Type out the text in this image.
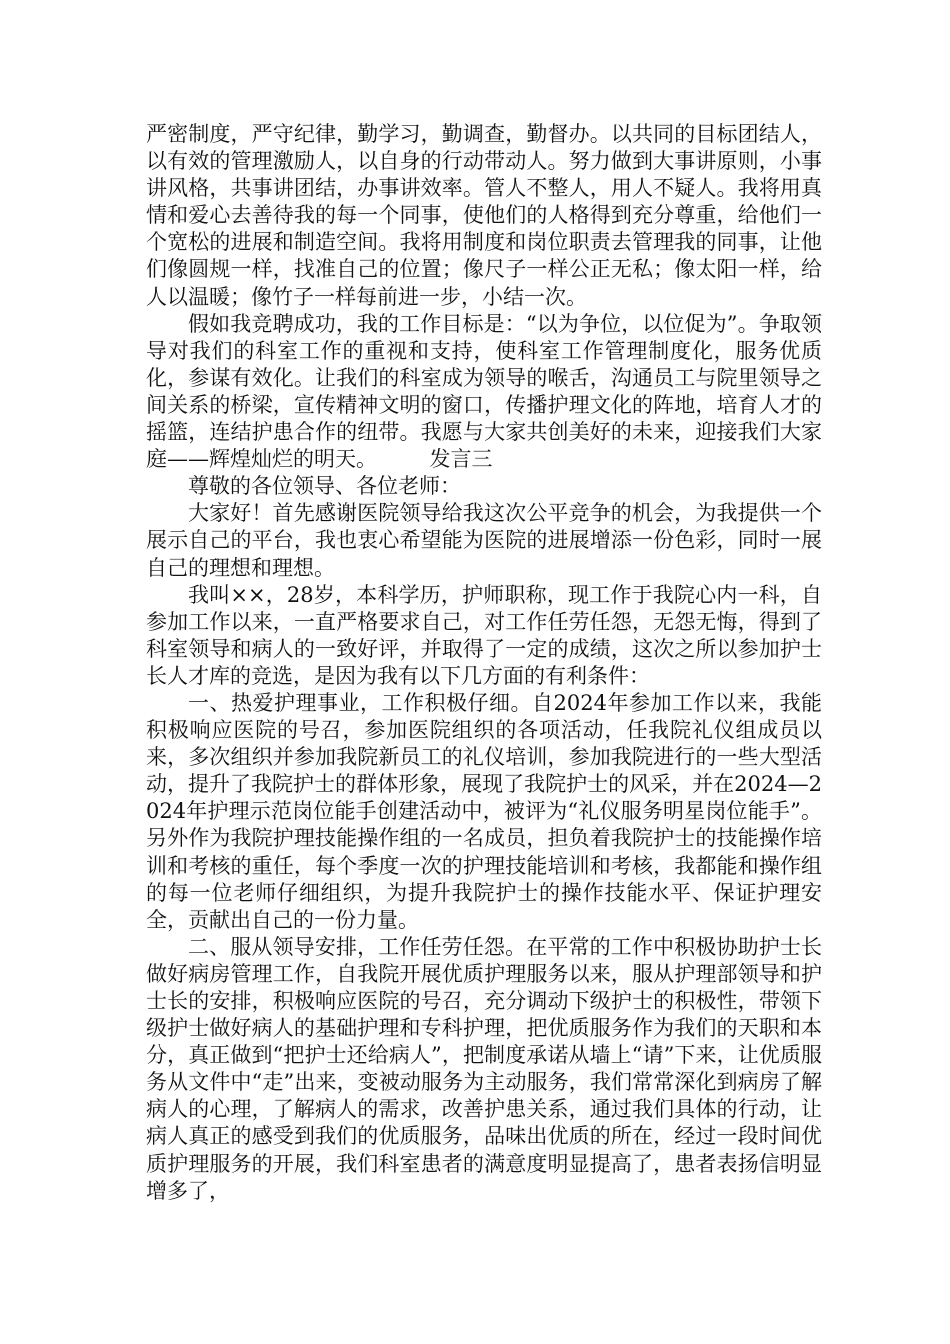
严密制度，严守纪律，勤学习，勤调查，勤督办。以共同的目标团结人，以有效的管理激励人，以自身的行动带动人。努力做到大事讲原则，小事讲风格，共事讲团结，办事讲效率。管人不整人，用人不疑人。我将用真情和爱心去善待我的每一个同事，使他们的人格得到充分尊重，给他们一个宽松的进展和制造空间。我将用制度和岗位职责去管理我的同事，让他们像圆规一样，找准自己的位置；像尺子一样公正无私；像太阳一样，给人以温暖；像竹子一样每前进一步，小结一次。

假如我竞聘成功，我的工作目标是：“以为争位，以位促为”。争取领导对我们的科室工作的重视和支持，使科室工作管理制度化，服务优质化，参谋有效化。让我们的科室成为领导的喉舌，沟通员工与院里领导之间关系的桥梁，宣传精神文明的窗口，传播护理文化的阵地，培育人才的摇篮，连结护患合作的纽带。我愿与大家共创美好的未来，迎接我们大家庭——辉煌灿烂的明天。　　　发言三

尊敬的各位领导、各位老师：

大家好！首先感谢医院领导给我这次公平竞争的机会，为我提供一个展示自己的平台，我也衷心希望能为医院的进展增添一份色彩，同时一展自己的理想和理想。

我叫××，28岁，本科学历，护师职称，现工作于我院心内一科，自参加工作以来，一直严格要求自己，对工作任劳任怨，无怨无悔，得到了科室领导和病人的一致好评，并取得了一定的成绩，这次之所以参加护士长人才库的竞选，是因为我有以下几方面的有利条件：

一、热爱护理事业，工作积极仔细。自2024年参加工作以来，我能积极响应医院的号召，参加医院组织的各项活动，任我院礼仪组成员以来，多次组织并参加我院新员工的礼仪培训，参加我院进行的一些大型活动，提升了我院护士的群体形象，展现了我院护士的风采，并在2024—2024年护理示范岗位能手创建活动中，被评为“礼仪服务明星岗位能手”。另外作为我院护理技能操作组的一名成员，担负着我院护士的技能操作培训和考核的重任，每个季度一次的护理技能培训和考核，我都能和操作组的每一位老师仔细组织，为提升我院护士的操作技能水平、保证护理安全，贡献出自己的一份力量。

二、服从领导安排，工作任劳任怨。在平常的工作中积极协助护士长做好病房管理工作，自我院开展优质护理服务以来，服从护理部领导和护士长的安排，积极响应医院的号召，充分调动下级护士的积极性，带领下级护士做好病人的基础护理和专科护理，把优质服务作为我们的天职和本分，真正做到“把护士还给病人”，把制度承诺从墙上“请”下来，让优质服务从文件中“走”出来，变被动服务为主动服务，我们常常深化到病房了解病人的心理，了解病人的需求，改善护患关系，通过我们具体的行动，让病人真正的感受到我们的优质服务，品味出优质的所在，经过一段时间优质护理服务的开展，我们科室患者的满意度明显提高了，患者表扬信明显增多了，
